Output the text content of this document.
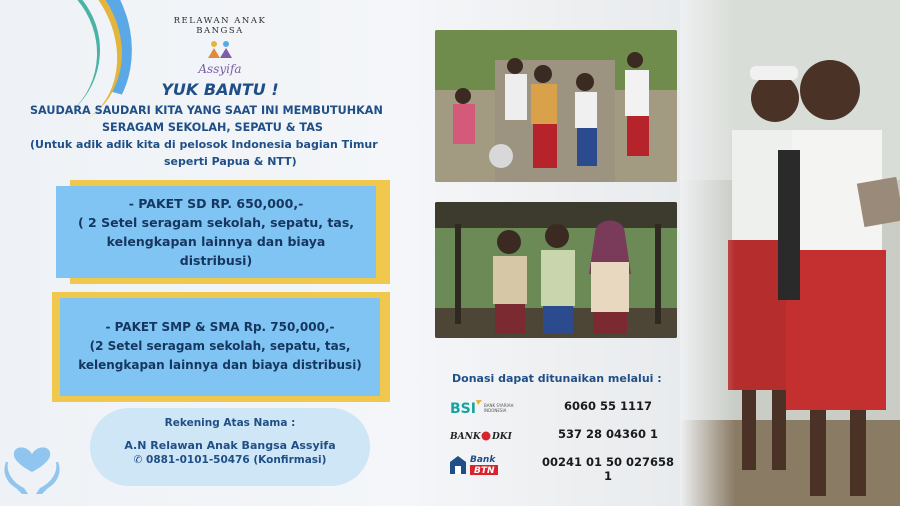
RELAWAN ANAK BANGSA
Assyifa
YUK BANTU !
SAUDARA SAUDARI KITA YANG SAAT INI MEMBUTUHKAN
SERAGAM SEKOLAH, SEPATU & TAS
(Untuk adik adik kita di pelosok Indonesia bagian Timur
seperti Papua & NTT)
- PAKET SD RP. 650,000,-
( 2 Setel seragam sekolah, sepatu, tas,
kelengkapan lainnya dan biaya
distribusi)
- PAKET SMP & SMA Rp. 750,000,-
(2 Setel seragam sekolah, sepatu, tas,
kelengkapan lainnya dan biaya distribusi)
Rekening Atas Nama :
A.N Relawan Anak Bangsa Assyifa
✆ 0881-0101-50476 (Konfirmasi)
Donasi dapat ditunaikan melalui :
BSI BANK SYARIAH
INDONESIA	6060 55 1117
BANK DKI	537 28 04360 1
Bank
BTN
00241 01 50 027658 1
